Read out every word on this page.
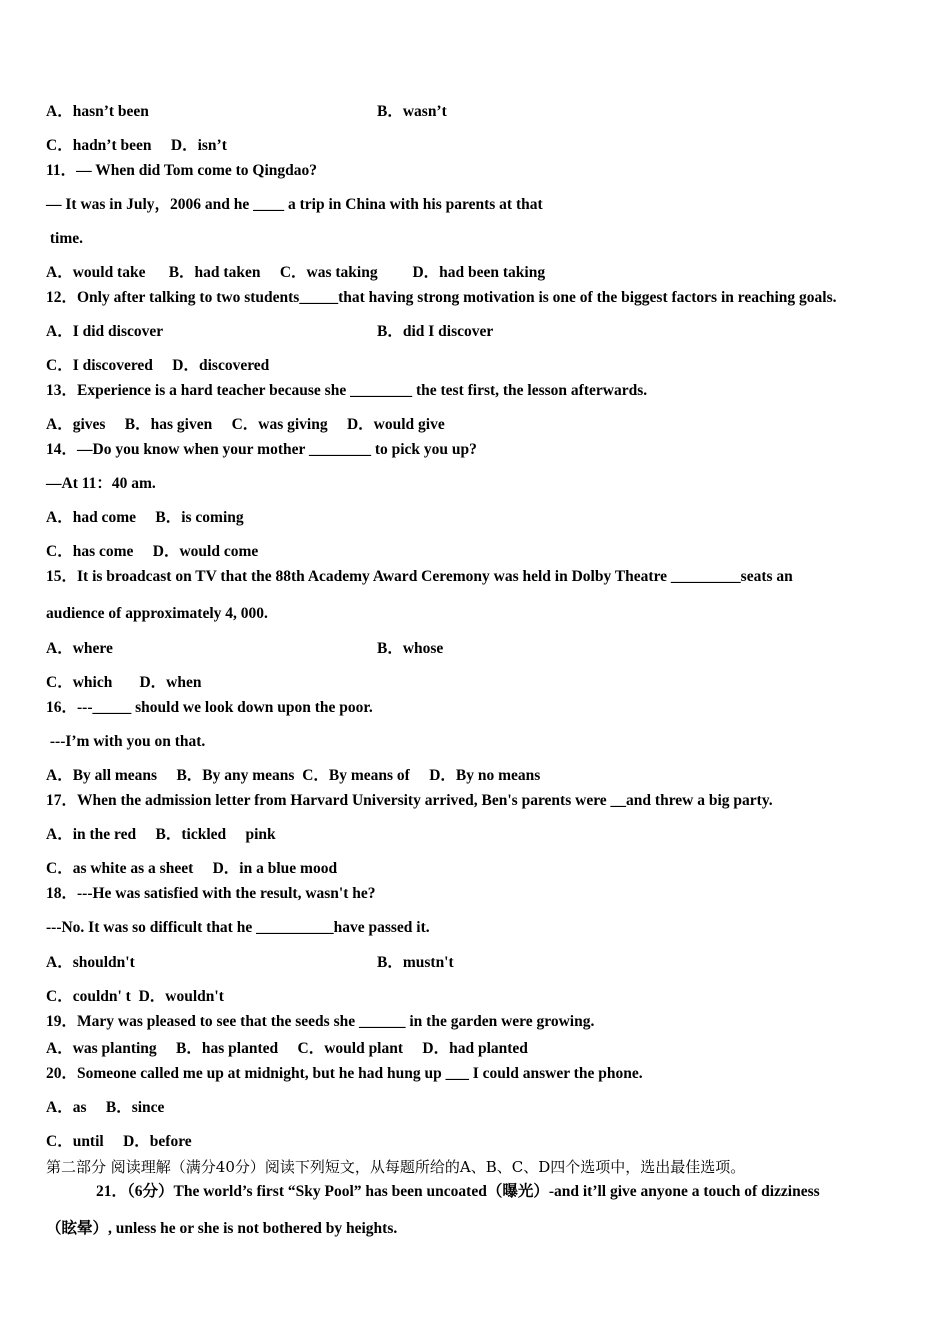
A．hasn’t been	B．wasn’t
C．hadn’t been     D．isn’t
11．— When did Tom come to Qingdao?
— It was in July，2006 and he ____ a trip in China with his parents at that
time.
A．would take      B．had taken     C．was taking         D．had been taking
12．Only after talking to two students_____that having strong motivation is one of the biggest factors in reaching goals.
A．I did discover	B．did I discover
C．I discovered     D．discovered
13．Experience is a hard teacher because she ________ the test first, the lesson afterwards.
A．gives     B．has given     C．was giving     D．would give
14．—Do you know when your mother ________ to pick you up?
—At 11：40 am.
A．had come     B．is coming
C．has come     D．would come
15．It is broadcast on TV that the 88th Academy Award Ceremony was held in Dolby Theatre _________seats an
audience of approximately 4, 000.
A．where	B．whose
C．which       D．when
16．---_____ should we look down upon the poor.
---I’m with you on that.
A．By all means     B．By any means  C．By means of     D．By no means
17．When the admission letter from Harvard University arrived, Ben's parents were __and threw a big party.
A．in the red     B．tickled     pink
C．as white as a sheet     D．in a blue mood
18．---He was satisfied with the result, wasn't he?
---No. It was so difficult that he __________have passed it.
A．shouldn't	B．mustn't
C．couldn' t  D．wouldn't
19．Mary was pleased to see that the seeds she ______ in the garden were growing.
A．was planting     B．has planted     C．would plant     D．had planted
20．Someone called me up at midnight, but he had hung up ___ I could answer the phone.
A．as     B．since
C．until     D．before
第二部分 阅读理解（满分40分）阅读下列短文，从每题所给的A、B、C、D四个选项中，选出最佳选项。
21．（6分）The world’s first “Sky Pool” has been uncoated（曝光）-and it’ll give anyone a touch of dizziness
（眩晕）, unless he or she is not bothered by heights.
